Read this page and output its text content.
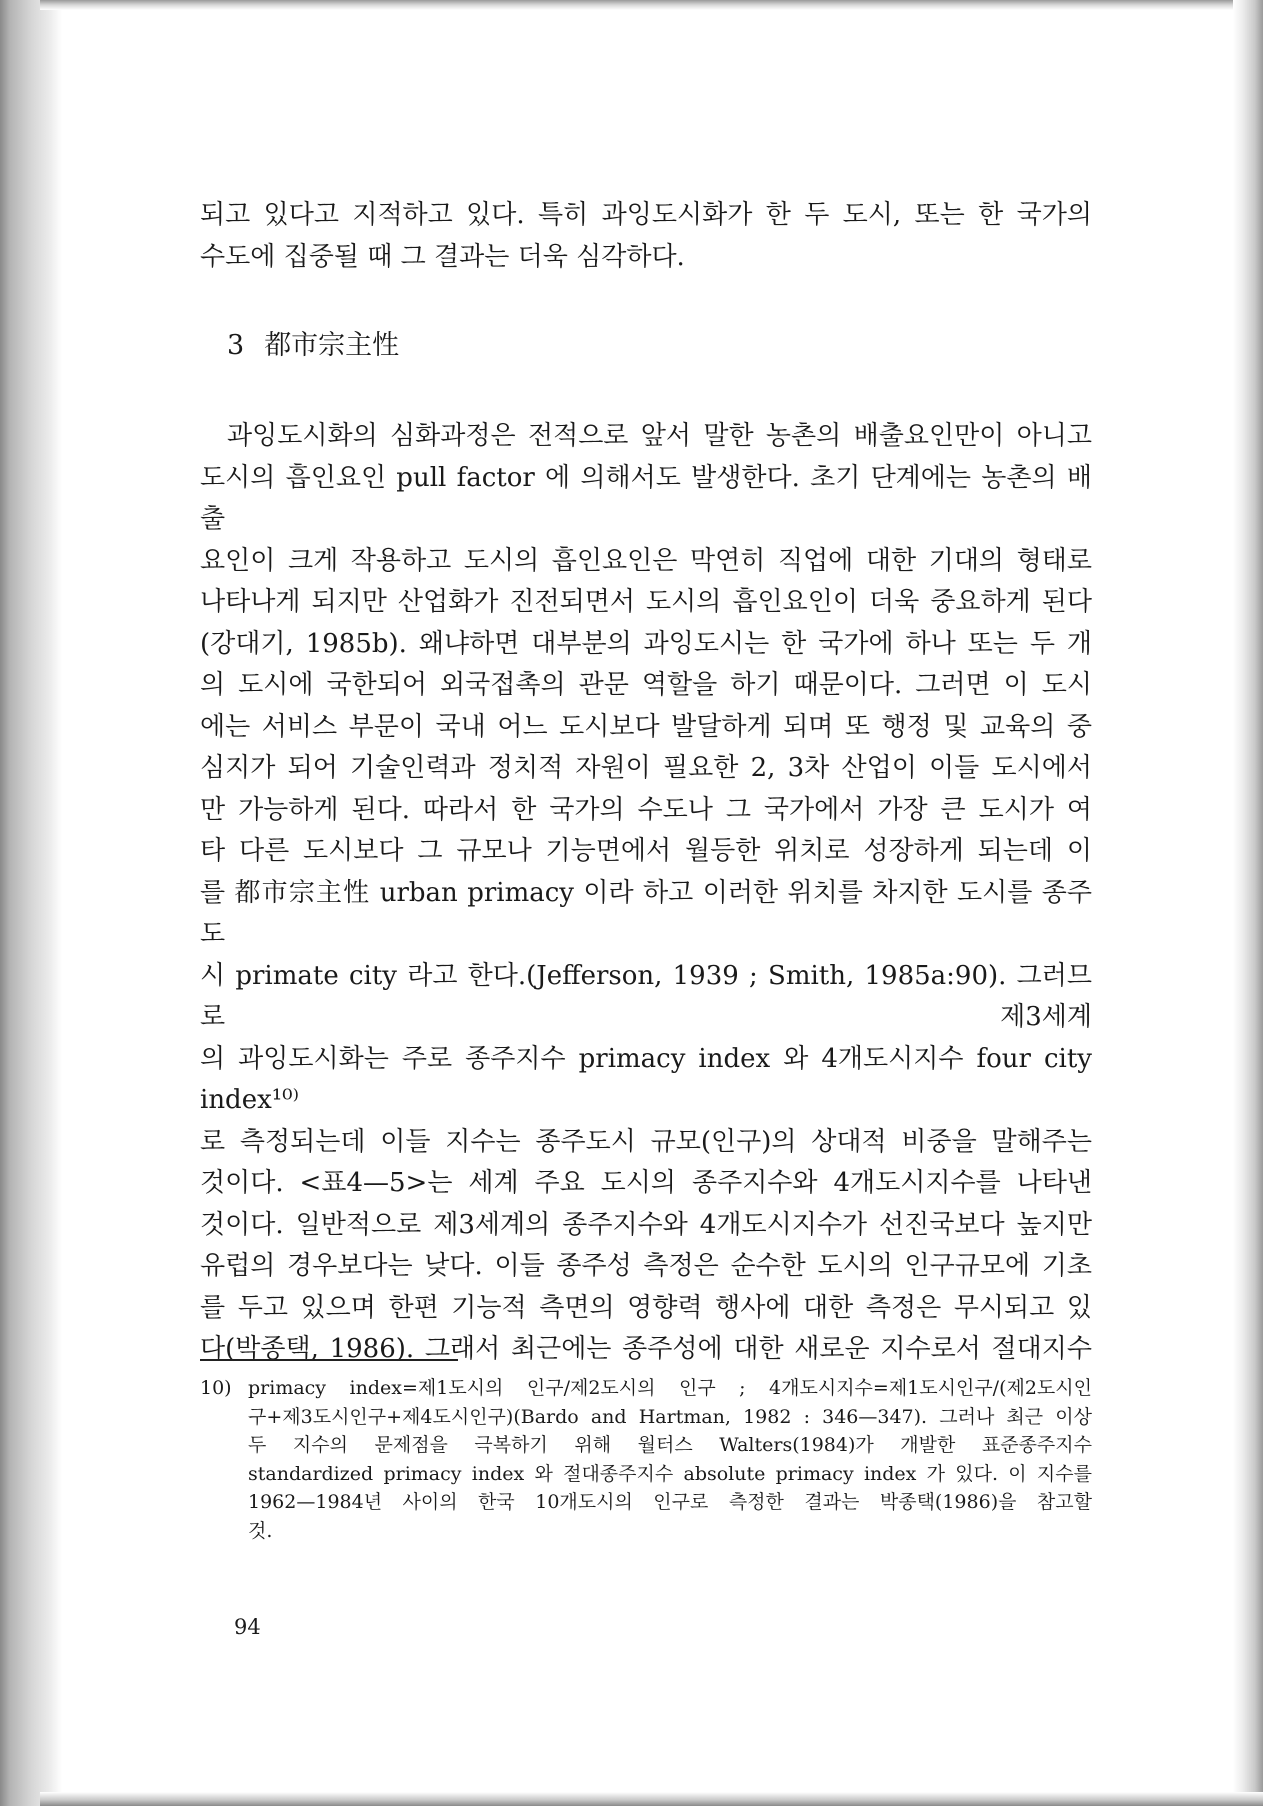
되고 있다고 지적하고 있다. 특히 과잉도시화가 한 두 도시, 또는 한 국가의
수도에 집중될 때 그 결과는 더욱 심각하다.

3 都市宗主性

과잉도시화의 심화과정은 전적으로 앞서 말한 농촌의 배출요인만이 아니고
도시의 흡인요인 pull factor 에 의해서도 발생한다. 초기 단계에는 농촌의 배출
요인이 크게 작용하고 도시의 흡인요인은 막연히 직업에 대한 기대의 형태로
나타나게 되지만 산업화가 진전되면서 도시의 흡인요인이 더욱 중요하게 된다
(강대기, 1985b). 왜냐하면 대부분의 과잉도시는 한 국가에 하나 또는 두 개
의 도시에 국한되어 외국접촉의 관문 역할을 하기 때문이다. 그러면 이 도시
에는 서비스 부문이 국내 어느 도시보다 발달하게 되며 또 행정 및 교육의 중
심지가 되어 기술인력과 정치적 자원이 필요한 2, 3차 산업이 이들 도시에서
만 가능하게 된다. 따라서 한 국가의 수도나 그 국가에서 가장 큰 도시가 여
타 다른 도시보다 그 규모나 기능면에서 월등한 위치로 성장하게 되는데 이
를 都市宗主性 urban primacy 이라 하고 이러한 위치를 차지한 도시를 종주도
시 primate city 라고 한다.(Jefferson, 1939 ; Smith, 1985a:90). 그러므로 제3세계
의 과잉도시화는 주로 종주지수 primacy index 와 4개도시지수 four city index¹⁰⁾
로 측정되는데 이들 지수는 종주도시 규모(인구)의 상대적 비중을 말해주는
것이다. <표4—5>는 세계 주요 도시의 종주지수와 4개도시지수를 나타낸
것이다. 일반적으로 제3세계의 종주지수와 4개도시지수가 선진국보다 높지만
유럽의 경우보다는 낮다. 이들 종주성 측정은 순수한 도시의 인구규모에 기초
를 두고 있으며 한편 기능적 측면의 영향력 행사에 대한 측정은 무시되고 있
다(박종택, 1986). 그래서 최근에는 종주성에 대한 새로운 지수로서 절대지수

10) primacy index=제1도시의 인구/제2도시의 인구 ; 4개도시지수=제1도시인구/(제2도시인
구+제3도시인구+제4도시인구)(Bardo and Hartman, 1982 : 346—347). 그러나 최근 이상
두 지수의 문제점을 극복하기 위해 월터스 Walters(1984)가 개발한 표준종주지수
standardized primacy index 와 절대종주지수 absolute primacy index 가 있다. 이 지수를
1962—1984년 사이의 한국 10개도시의 인구로 측정한 결과는 박종택(1986)을 참고할
것.
94
